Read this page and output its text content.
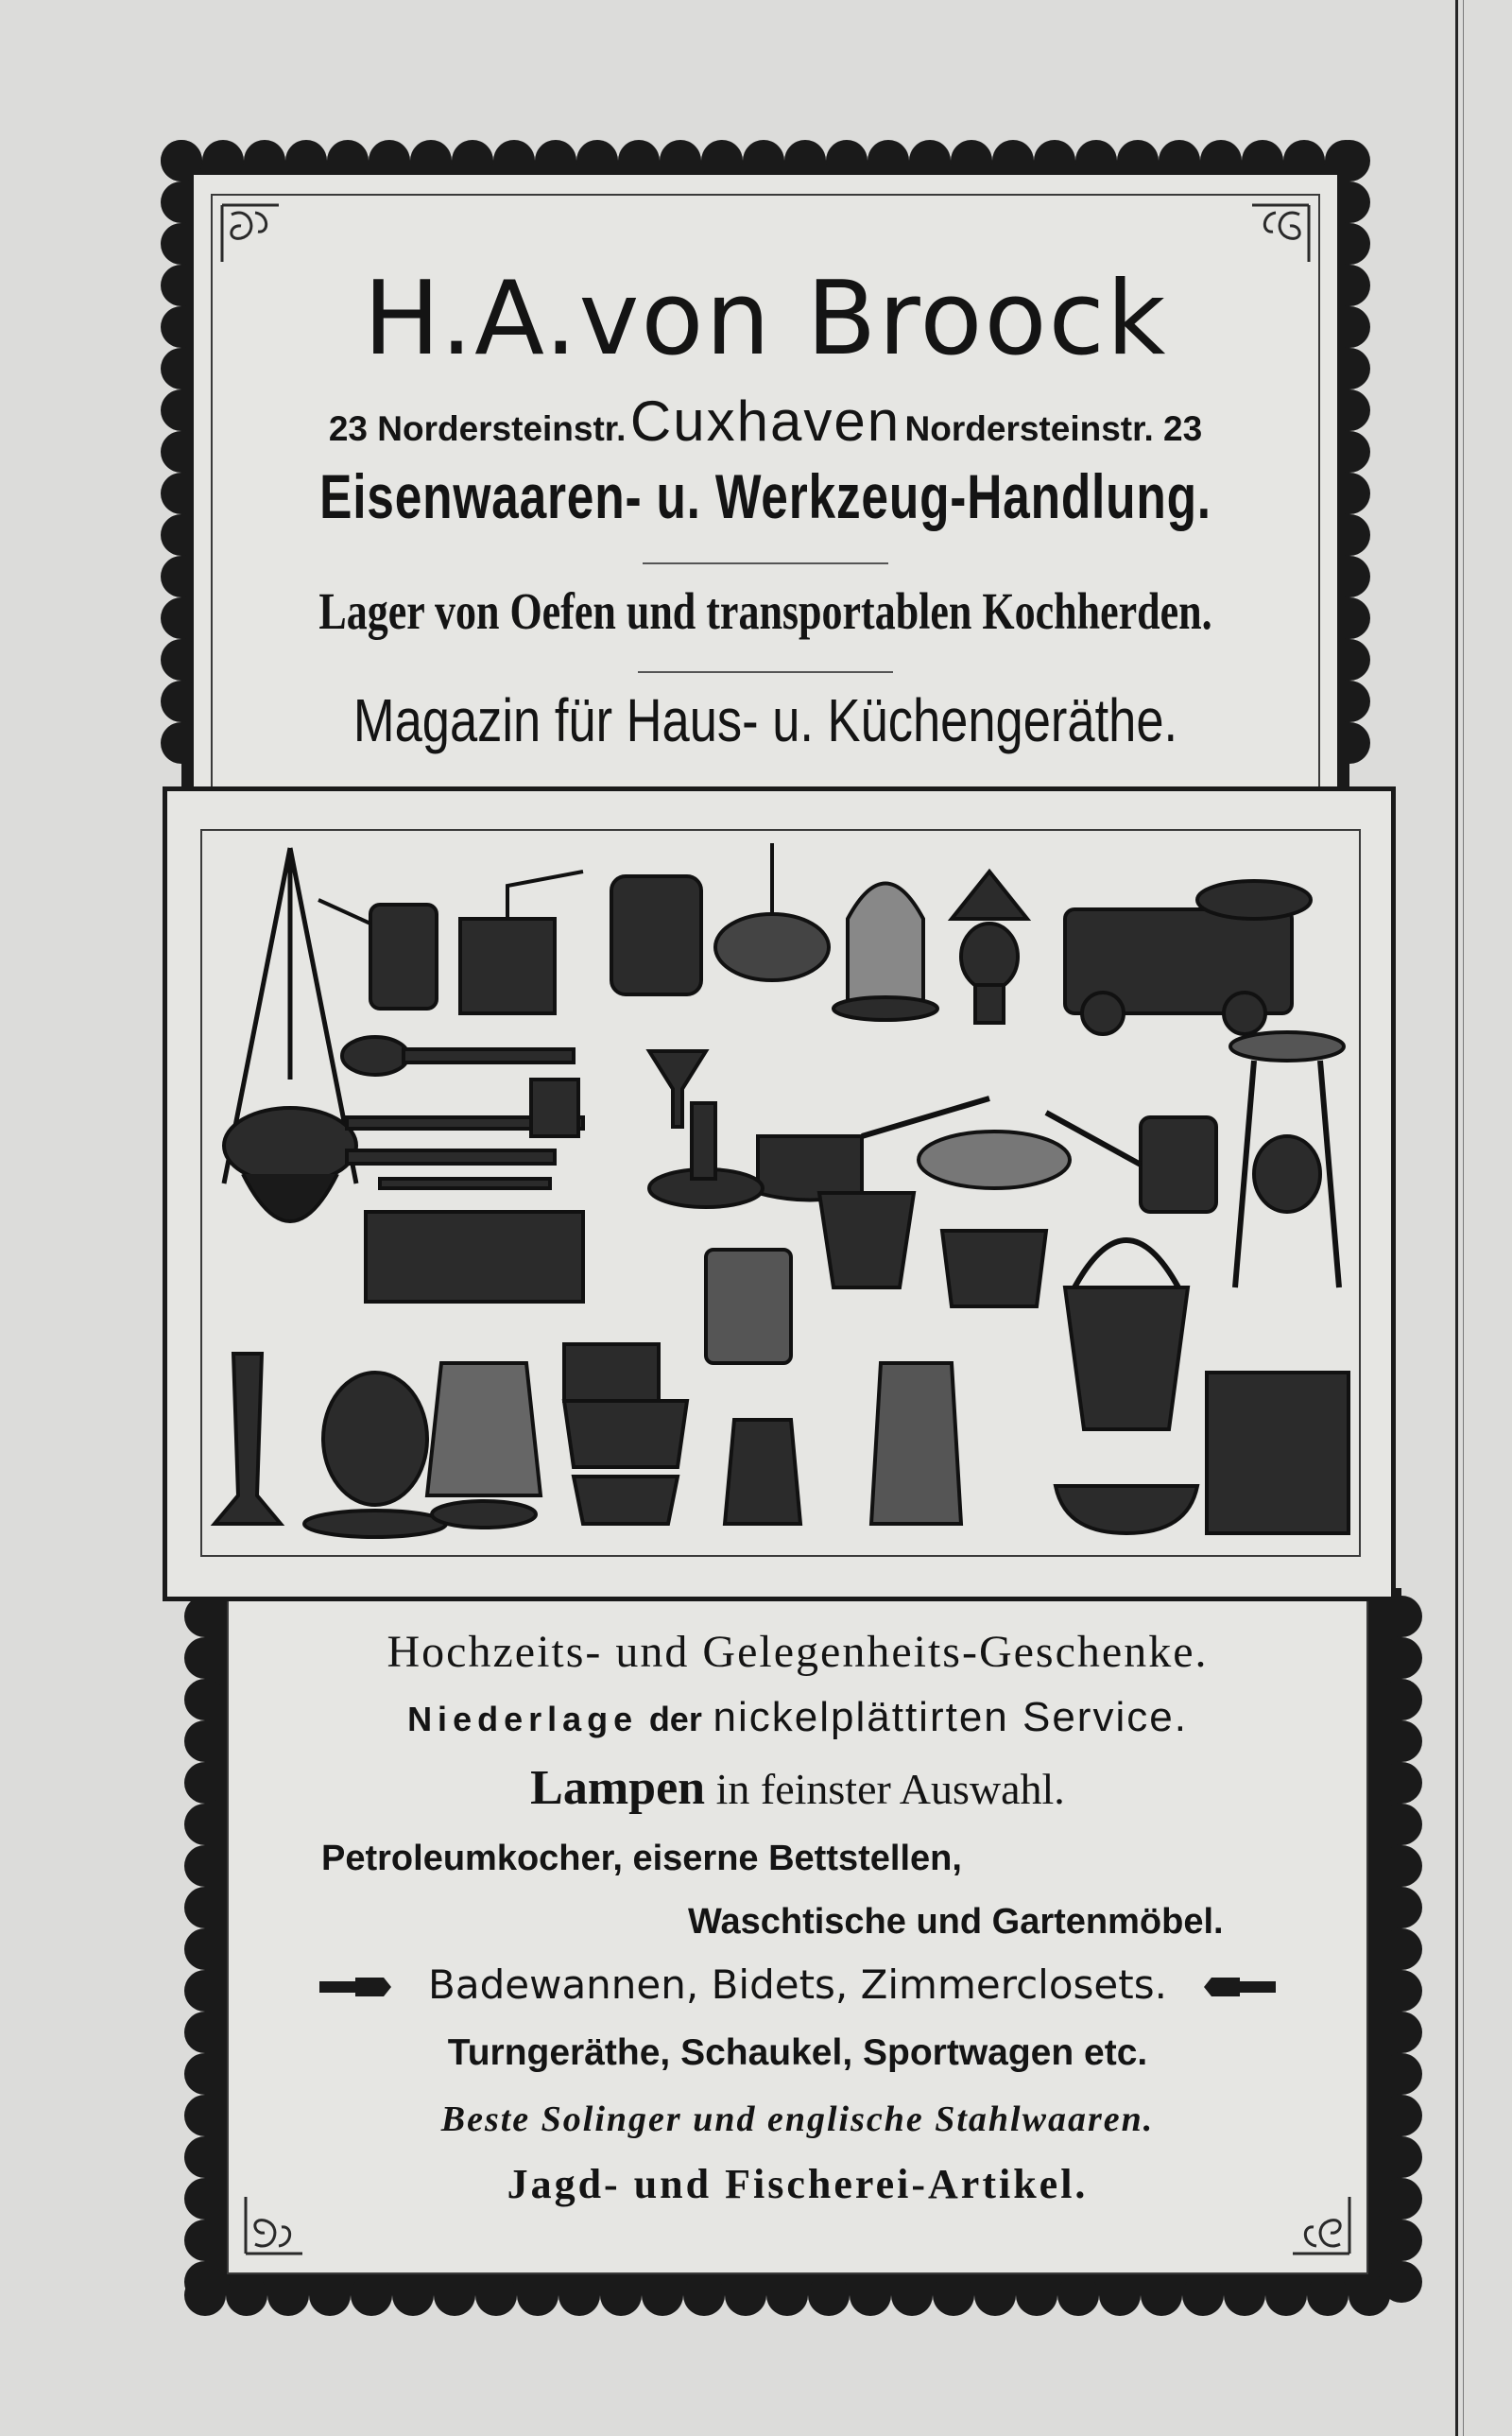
H.A.von Broock
23 Nordersteinstr. Cuxhaven Nordersteinstr. 23
Eisenwaaren- u. Werkzeug-Handlung.
Lager von Oefen und transportablen Kochherden.
Magazin für Haus- u. Küchengeräthe.
Hochzeits- und Gelegenheits-Geschenke.
Niederlage der nickelplättirten Service.
Lampen in feinster Auswahl.
Petroleumkocher, eiserne Bettstellen,
Waschtische und Gartenmöbel.
Badewannen, Bidets, Zimmerclosets.
Turngeräthe, Schaukel, Sportwagen etc.
Beste Solinger und englische Stahlwaaren.
Jagd- und Fischerei-Artikel.
